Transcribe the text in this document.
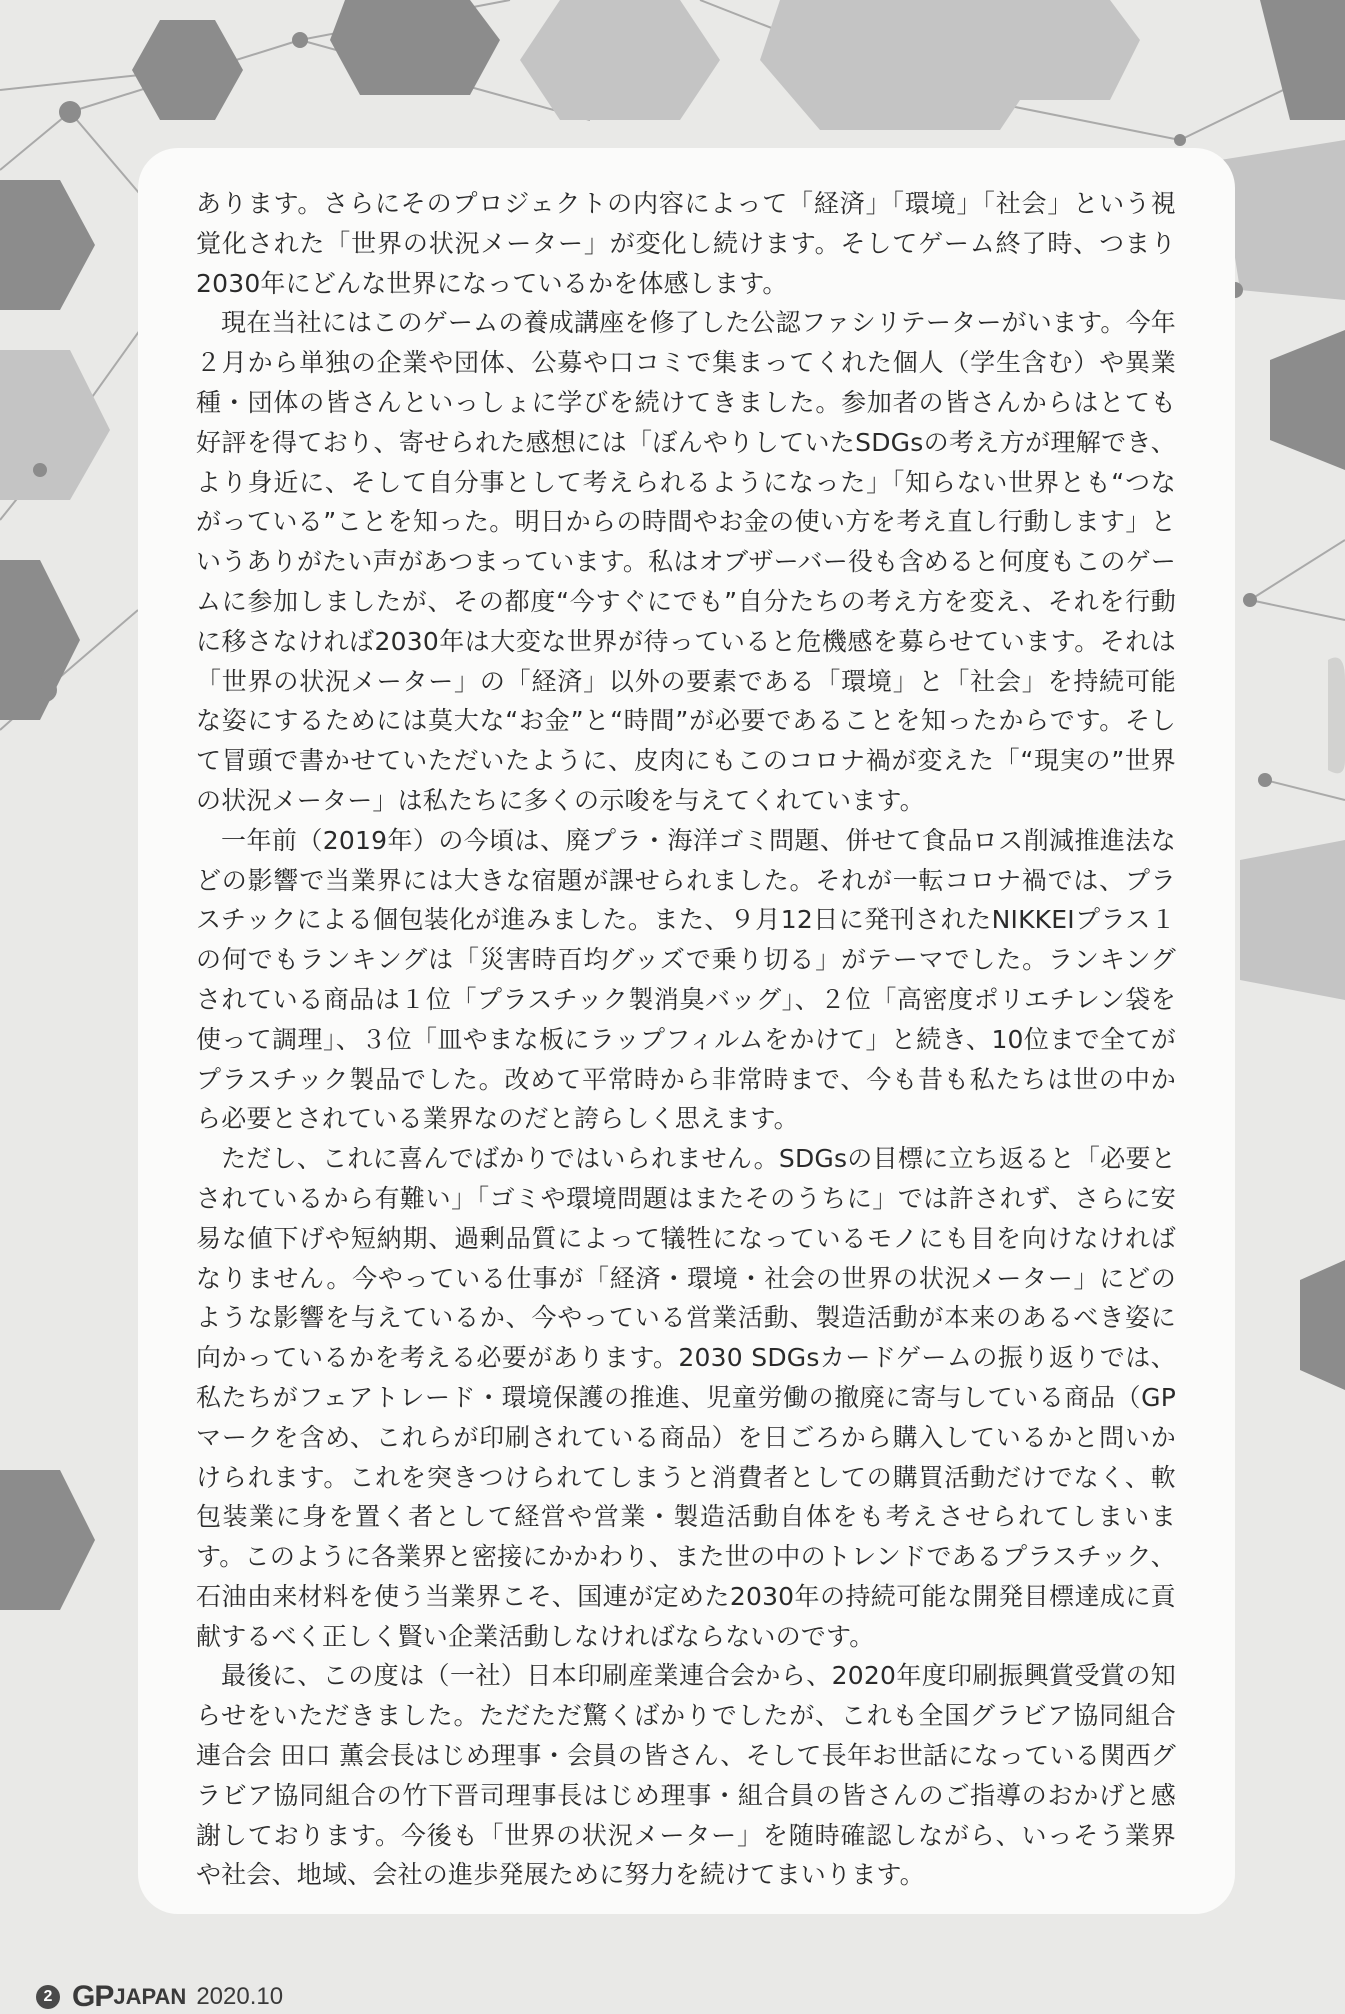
あります。さらにそのプロジェクトの内容によって「経済」「環境」「社会」という視覚化された「世界の状況メーター」が変化し続けます。そしてゲーム終了時、つまり2030年にどんな世界になっているかを体感します。

現在当社にはこのゲームの養成講座を修了した公認ファシリテーターがいます。今年２月から単独の企業や団体、公募や口コミで集まってくれた個人（学生含む）や異業種・団体の皆さんといっしょに学びを続けてきました。参加者の皆さんからはとても好評を得ており、寄せられた感想には「ぼんやりしていたSDGsの考え方が理解でき、より身近に、そして自分事として考えられるようになった」「知らない世界とも“つながっている”ことを知った。明日からの時間やお金の使い方を考え直し行動します」というありがたい声があつまっています。私はオブザーバー役も含めると何度もこのゲームに参加しましたが、その都度“今すぐにでも”自分たちの考え方を変え、それを行動に移さなければ2030年は大変な世界が待っていると危機感を募らせています。それは「世界の状況メーター」の「経済」以外の要素である「環境」と「社会」を持続可能な姿にするためには莫大な“お金”と“時間”が必要であることを知ったからです。そして冒頭で書かせていただいたように、皮肉にもこのコロナ禍が変えた「“現実の”世界の状況メーター」は私たちに多くの示唆を与えてくれています。

一年前（2019年）の今頃は、廃プラ・海洋ゴミ問題、併せて食品ロス削減推進法などの影響で当業界には大きな宿題が課せられました。それが一転コロナ禍では、プラスチックによる個包装化が進みました。また、９月12日に発刊されたNIKKEIプラス１の何でもランキングは「災害時百均グッズで乗り切る」がテーマでした。ランキングされている商品は１位「プラスチック製消臭バッグ」、２位「高密度ポリエチレン袋を使って調理」、３位「皿やまな板にラップフィルムをかけて」と続き、10位まで全てがプラスチック製品でした。改めて平常時から非常時まで、今も昔も私たちは世の中から必要とされている業界なのだと誇らしく思えます。

ただし、これに喜んでばかりではいられません。SDGsの目標に立ち返ると「必要とされているから有難い」「ゴミや環境問題はまたそのうちに」では許されず、さらに安易な値下げや短納期、過剰品質によって犠牲になっているモノにも目を向けなければなりません。今やっている仕事が「経済・環境・社会の世界の状況メーター」にどのような影響を与えているか、今やっている営業活動、製造活動が本来のあるべき姿に向かっているかを考える必要があります。2030 SDGsカードゲームの振り返りでは、私たちがフェアトレード・環境保護の推進、児童労働の撤廃に寄与している商品（GPマークを含め、これらが印刷されている商品）を日ごろから購入しているかと問いかけられます。これを突きつけられてしまうと消費者としての購買活動だけでなく、軟包装業に身を置く者として経営や営業・製造活動自体をも考えさせられてしまいます。このように各業界と密接にかかわり、また世の中のトレンドであるプラスチック、石油由来材料を使う当業界こそ、国連が定めた2030年の持続可能な開発目標達成に貢献するべく正しく賢い企業活動しなければならないのです。

最後に、この度は（一社）日本印刷産業連合会から、2020年度印刷振興賞受賞の知らせをいただきました。ただただ驚くばかりでしたが、これも全国グラビア協同組合連合会 田口 薫会長はじめ理事・会員の皆さん、そして長年お世話になっている関西グラビア協同組合の竹下晋司理事長はじめ理事・組合員の皆さんのご指導のおかげと感謝しております。今後も「世界の状況メーター」を随時確認しながら、いっそう業界や社会、地域、会社の進歩発展ために努力を続けてまいります。

2 GP JAPAN 2020.10
